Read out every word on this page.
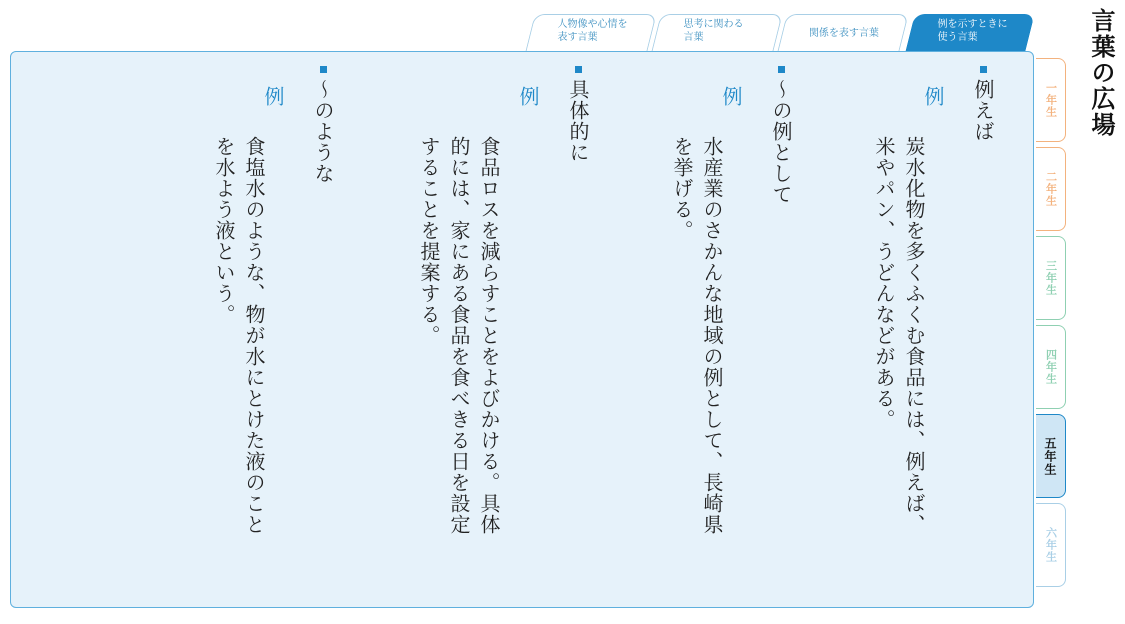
言葉の広場
人物像や心情を
表す言葉
思考に関わる
言葉	関係を表す言葉
例を示すときに
使う言葉
例えば
例
炭水化物を多くふくむ食品には、例えば、
米やパン、うどんなどがある。
～の例として
例
水産業のさかんな地域の例として、長崎県
を挙げる。
具体的に
例
食品ロスを減らすことをよびかける。具体
的には、家にある食品を食べきる日を設定
することを提案する。
～のような
例
食塩水のような、物が水にとけた液のこと
を水よう液という。
一年生
二年生
三年生
四年生
五年生
六年生
